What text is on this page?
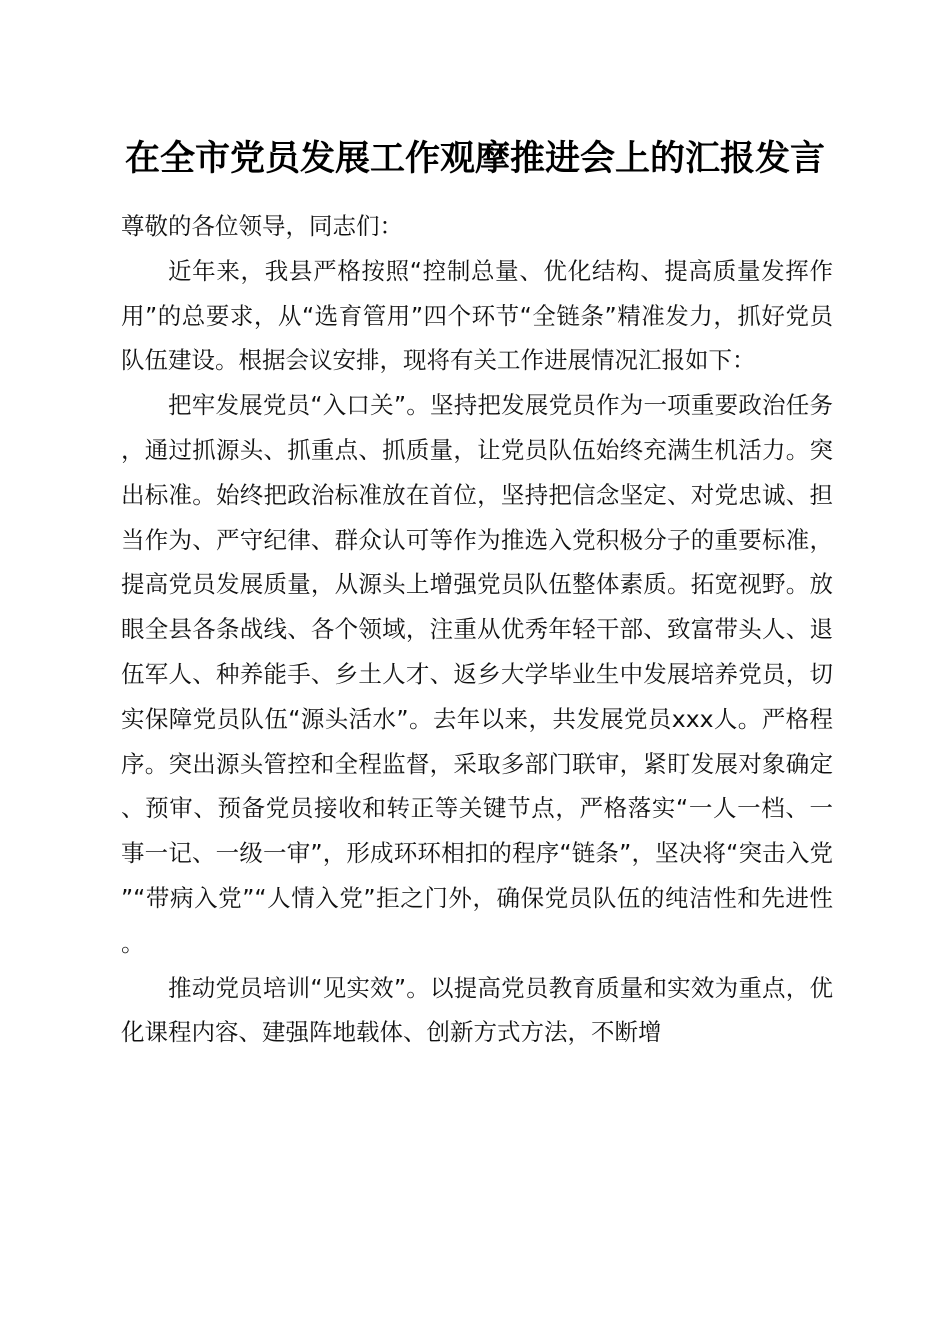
在全市党员发展工作观摩推进会上的汇报发言

尊敬的各位领导，同志们：

近年来，我县严格按照“控制总量、优化结构、提高质量发挥作用”的总要求，从“选育管用”四个环节“全链条”精准发力，抓好党员队伍建设。根据会议安排，现将有关工作进展情况汇报如下：

把牢发展党员“入口关”。坚持把发展党员作为一项重要政治任务，通过抓源头、抓重点、抓质量，让党员队伍始终充满生机活力。突出标准。始终把政治标准放在首位，坚持把信念坚定、对党忠诚、担当作为、严守纪律、群众认可等作为推选入党积极分子的重要标准，提高党员发展质量，从源头上增强党员队伍整体素质。拓宽视野。放眼全县各条战线、各个领域，注重从优秀年轻干部、致富带头人、退伍军人、种养能手、乡土人才、返乡大学毕业生中发展培养党员，切实保障党员队伍“源头活水”。去年以来，共发展党员xxx人。严格程序。突出源头管控和全程监督，采取多部门联审，紧盯发展对象确定、预审、预备党员接收和转正等关键节点，严格落实“一人一档、一事一记、一级一审”，形成环环相扣的程序“链条”，坚决将“突击入党”“带病入党”“人情入党”拒之门外，确保党员队伍的纯洁性和先进性。

推动党员培训“见实效”。以提高党员教育质量和实效为重点，优化课程内容、建强阵地载体、创新方式方法，不断增
